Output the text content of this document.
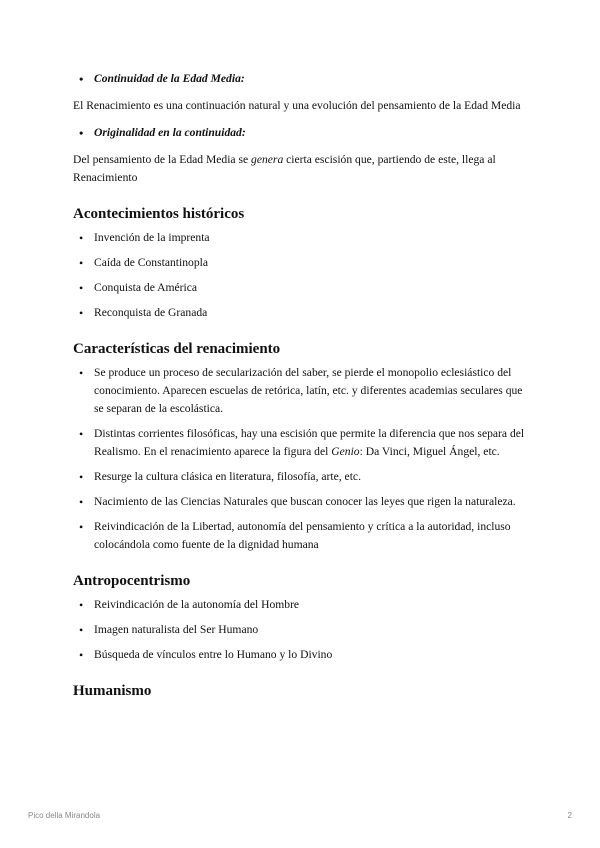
• Continuidad de la Edad Media:

El Renacimiento es una continuación natural y una evolución del pensamiento de la Edad Media

• Originalidad en la continuidad:

Del pensamiento de la Edad Media se genera cierta escisión que, partiendo de este, llega al Renacimiento

Acontecimientos históricos
• Invención de la imprenta
• Caída de Constantinopla
• Conquista de América
• Reconquista de Granada
Características del renacimiento
• Se produce un proceso de secularización del saber, se pierde el monopolio eclesiástico del conocimiento. Aparecen escuelas de retórica, latín, etc. y diferentes academias seculares que se separan de la escolástica.
• Distintas corrientes filosóficas, hay una escisión que permite la diferencia que nos separa del Realismo. En el renacimiento aparece la figura del Genio: Da Vinci, Miguel Ángel, etc.
• Resurge la cultura clásica en literatura, filosofía, arte, etc.
• Nacimiento de las Ciencias Naturales que buscan conocer las leyes que rigen la naturaleza.
• Reivindicación de la Libertad, autonomía del pensamiento y crítica a la autoridad, incluso colocándola como fuente de la dignidad humana
Antropocentrismo
• Reivindicación de la autonomía del Hombre
• Imagen naturalista del Ser Humano
• Búsqueda de vínculos entre lo Humano y lo Divino
Humanismo
Pico della Mirandola	2
